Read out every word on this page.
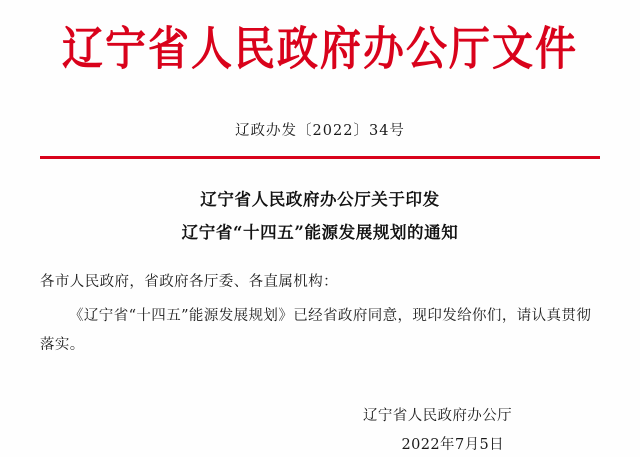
辽宁省人民政府办公厅文件
辽政办发〔2022〕34号
辽宁省人民政府办公厅关于印发
辽宁省“十四五”能源发展规划的通知
各市人民政府，省政府各厅委、各直属机构：
《辽宁省“十四五”能源发展规划》已经省政府同意，现印发给你们，请认真贯彻落实。
辽宁省人民政府办公厅
2022年7月5日
